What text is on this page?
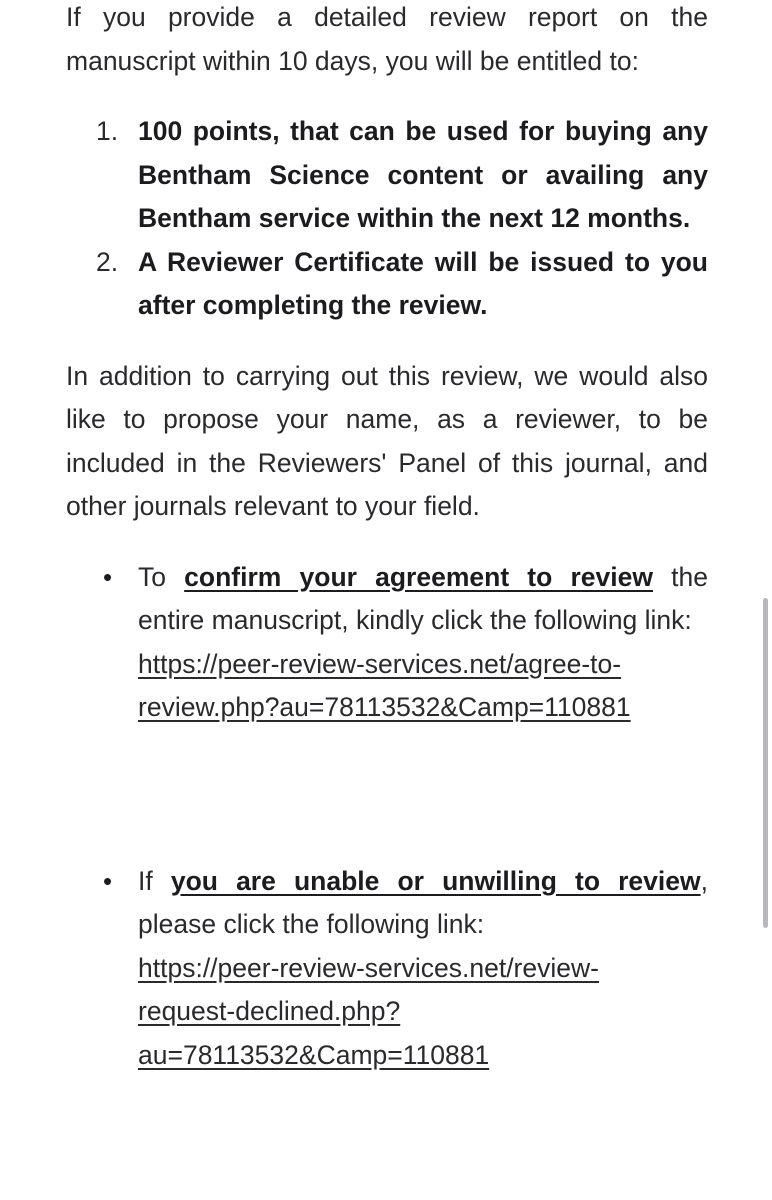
If you provide a detailed review report on the manuscript within 10 days, you will be entitled to:

1. 100 points, that can be used for buying any Bentham Science content or availing any Bentham service within the next 12 months.
2. A Reviewer Certificate will be issued to you after completing the review.

In addition to carrying out this review, we would also like to propose your name, as a reviewer, to be included in the Reviewers' Panel of this journal, and other journals relevant to your field.

• To confirm your agreement to review the entire manuscript, kindly click the following link:
https://peer-review-services.net/agree-to-
review.php?au=78113532&Camp=110881
• If you are unable or unwilling to review, please click the following link:
https://peer-review-services.net/review-
request-declined.php?
au=78113532&Camp=110881
